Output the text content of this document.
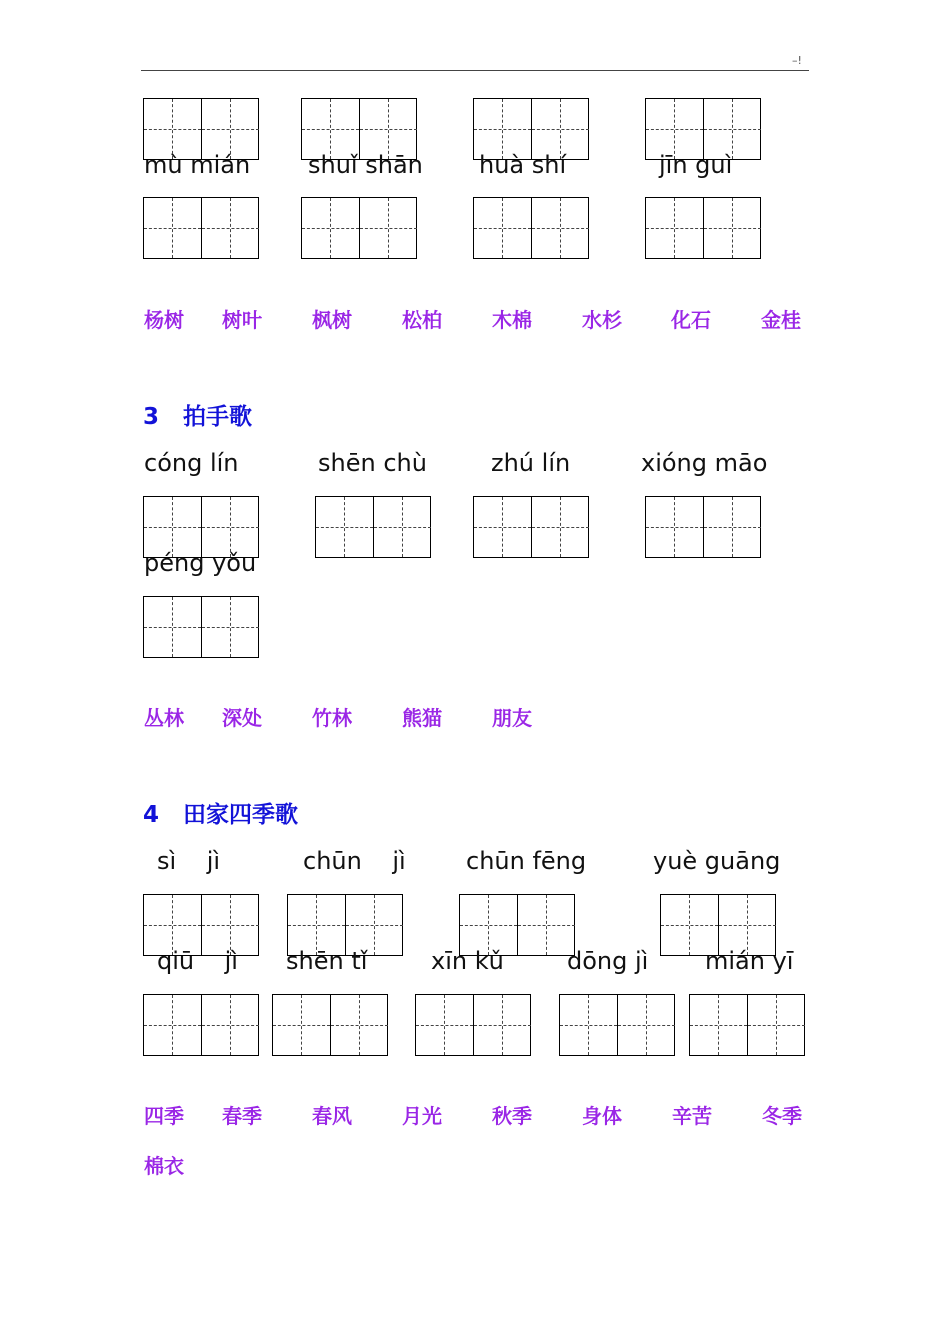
–!
mù mián shuǐ shān huà shí	jīn guì
杨树 树叶	枫树	松柏	木棉	水杉 化石	金桂
3 拍手歌
cóng lín	shēn chù	zhú lín	xióng māo
péng yǒu
丛林 深处	竹林	熊猫	朋友
4 田家四季歌
sì    jì	chūn    jì	chūn fēng	yuè guāng
qiū    jì shēn tǐ	xīn kǔ	dōng jì mián yī
四季 春季	春风	月光	秋季	身体	辛苦	冬季
棉衣
